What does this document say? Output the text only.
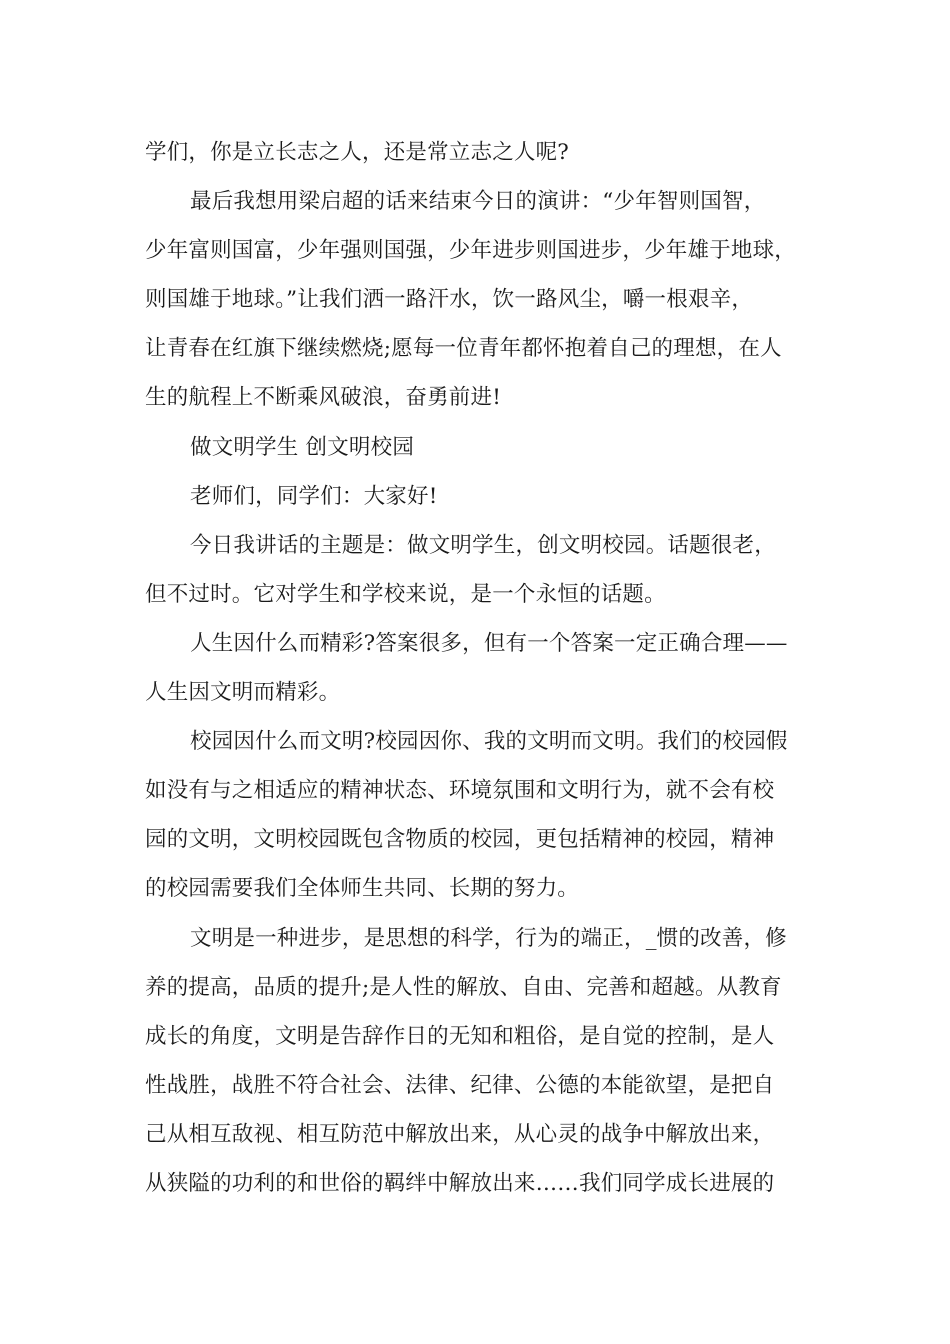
学们，你是立长志之人，还是常立志之人呢?
最后我想用梁启超的话来结束今日的演讲：“少年智则国智，
少年富则国富，少年强则国强，少年进步则国进步，少年雄于地球，
则国雄于地球。”让我们洒一路汗水，饮一路风尘，嚼一根艰辛，
让青春在红旗下继续燃烧;愿每一位青年都怀抱着自己的理想，在人
生的航程上不断乘风破浪，奋勇前进!
做文明学生 创文明校园
老师们，同学们：大家好!
今日我讲话的主题是：做文明学生，创文明校园。话题很老，
但不过时。它对学生和学校来说，是一个永恒的话题。
人生因什么而精彩?答案很多，但有一个答案一定正确合理——
人生因文明而精彩。
校园因什么而文明?校园因你、我的文明而文明。我们的校园假
如没有与之相适应的精神状态、环境氛围和文明行为，就不会有校
园的文明，文明校园既包含物质的校园，更包括精神的校园，精神
的校园需要我们全体师生共同、长期的努力。
文明是一种进步，是思想的科学，行为的端正，_惯的改善，修
养的提高，品质的提升;是人性的解放、自由、完善和超越。从教育
成长的角度，文明是告辞作日的无知和粗俗，是自觉的控制，是人
性战胜，战胜不符合社会、法律、纪律、公德的本能欲望，是把自
己从相互敌视、相互防范中解放出来，从心灵的战争中解放出来，
从狭隘的功利的和世俗的羁绊中解放出来……我们同学成长进展的
